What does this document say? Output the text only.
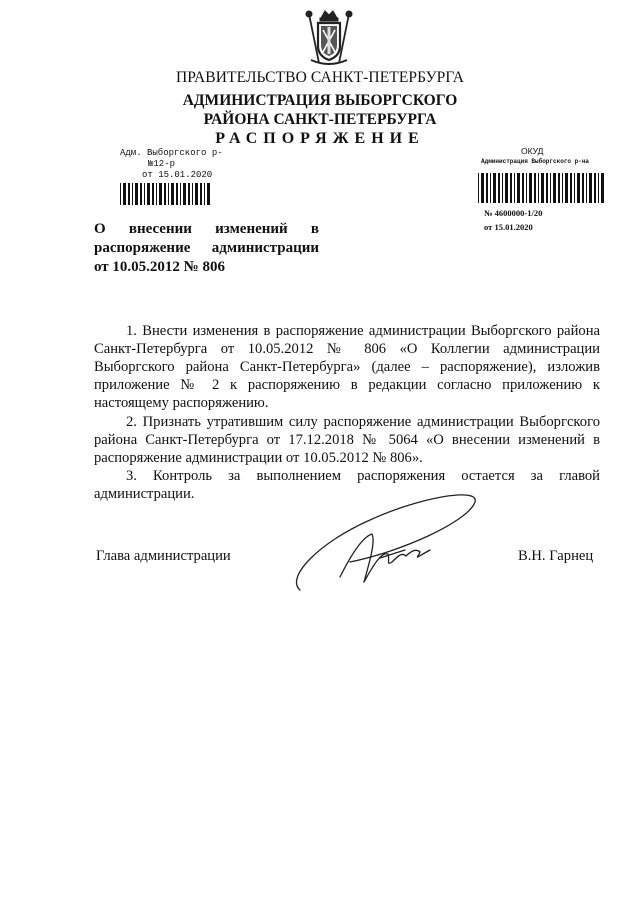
ПРАВИТЕЛЬСТВО САНКТ-ПЕТЕРБУРГА
АДМИНИСТРАЦИЯ ВЫБОРГСКОГО
РАЙОНА САНКТ-ПЕТЕРБУРГА
РАСПОРЯЖЕНИЕ
Адм. Выборгского р-
№12-р
от 15.01.2020
ОКУД
Администрация Выборгского р-на
№ 4600000-1/20
от 15.01.2020
О внесении изменений в
распоряжение администрации
от 10.05.2012 № 806

1. Внести изменения в распоряжение администрации Выборгского района Санкт-Петербурга от 10.05.2012 № 806 «О Коллегии администрации Выборгского района Санкт-Петербурга» (далее – распоряжение), изложив приложение № 2 к распоряжению в редакции согласно приложению к настоящему распоряжению.

2. Признать утратившим силу распоряжение администрации Выборгского района Санкт-Петербурга от 17.12.2018 № 5064 «О внесении изменений в распоряжение администрации от 10.05.2012 № 806».

3. Контроль за выполнением распоряжения остается за главой администрации.

Глава администрации	В.Н. Гарнец
